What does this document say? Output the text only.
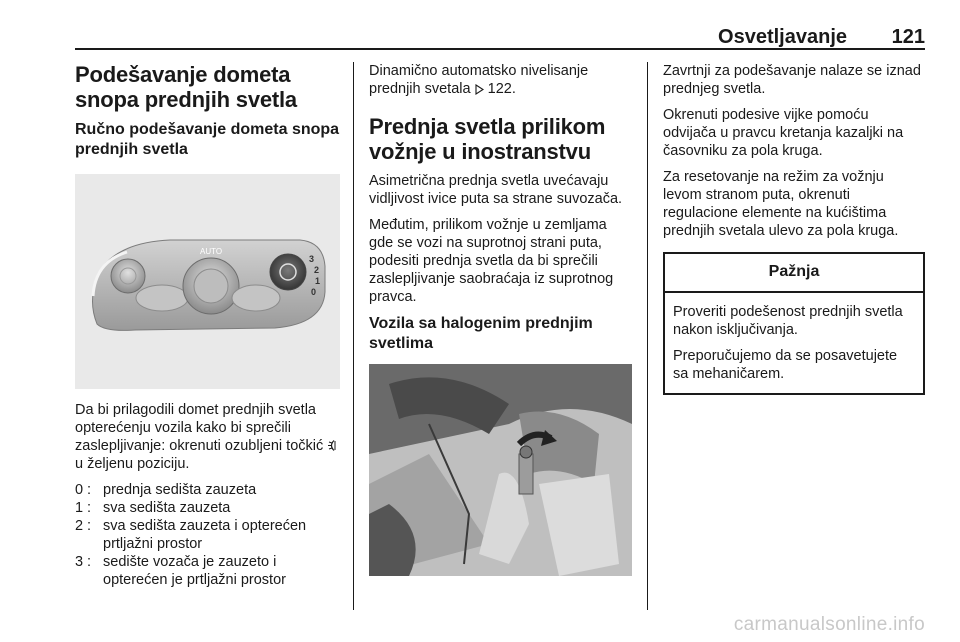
Osvetljavanje 121
Podešavanje dometa snopa prednjih svetla
Ručno podešavanje dometa snopa prednjih svetla
AUTO
3
2
1
0

Da bi prilagodili domet prednjih svetla opterećenju vozila kako bi sprečili zaslepljivanje: okrenuti ozubljeni točkić  u željenu poziciju.

0 : prednja sedišta zauzeta
1 : sva sedišta zauzeta
2 : sva sedišta zauzeta i opterećen prtljažni prostor
3 : sedište vozača je zauzeto i opterećen je prtljažni prostor

Dinamično automatsko nivelisanje prednjih svetala 122.

Prednja svetla prilikom vožnje u inostranstvu

Asimetrična prednja svetla uvećavaju vidljivost ivice puta sa strane suvozača.

Međutim, prilikom vožnje u zemljama gde se vozi na suprotnoj strani puta, podesiti prednja svetla da bi sprečili zaslepljivanje saobraćaja iz suprotnog pravca.

Vozila sa halogenim prednjim svetlima

Zavrtnji za podešavanje nalaze se iznad prednjeg svetla.

Okrenuti podesive vijke pomoću odvijača u pravcu kretanja kazaljki na časovniku za pola kruga.

Za resetovanje na režim za vožnju levom stranom puta, okrenuti regulacione elemente na kućištima prednjih svetala ulevo za pola kruga.

Pažnja

Proveriti podešenost prednjih svetla nakon isključivanja.

Preporučujemo da se posavetujete sa mehaničarem.

carmanualsonline.info
